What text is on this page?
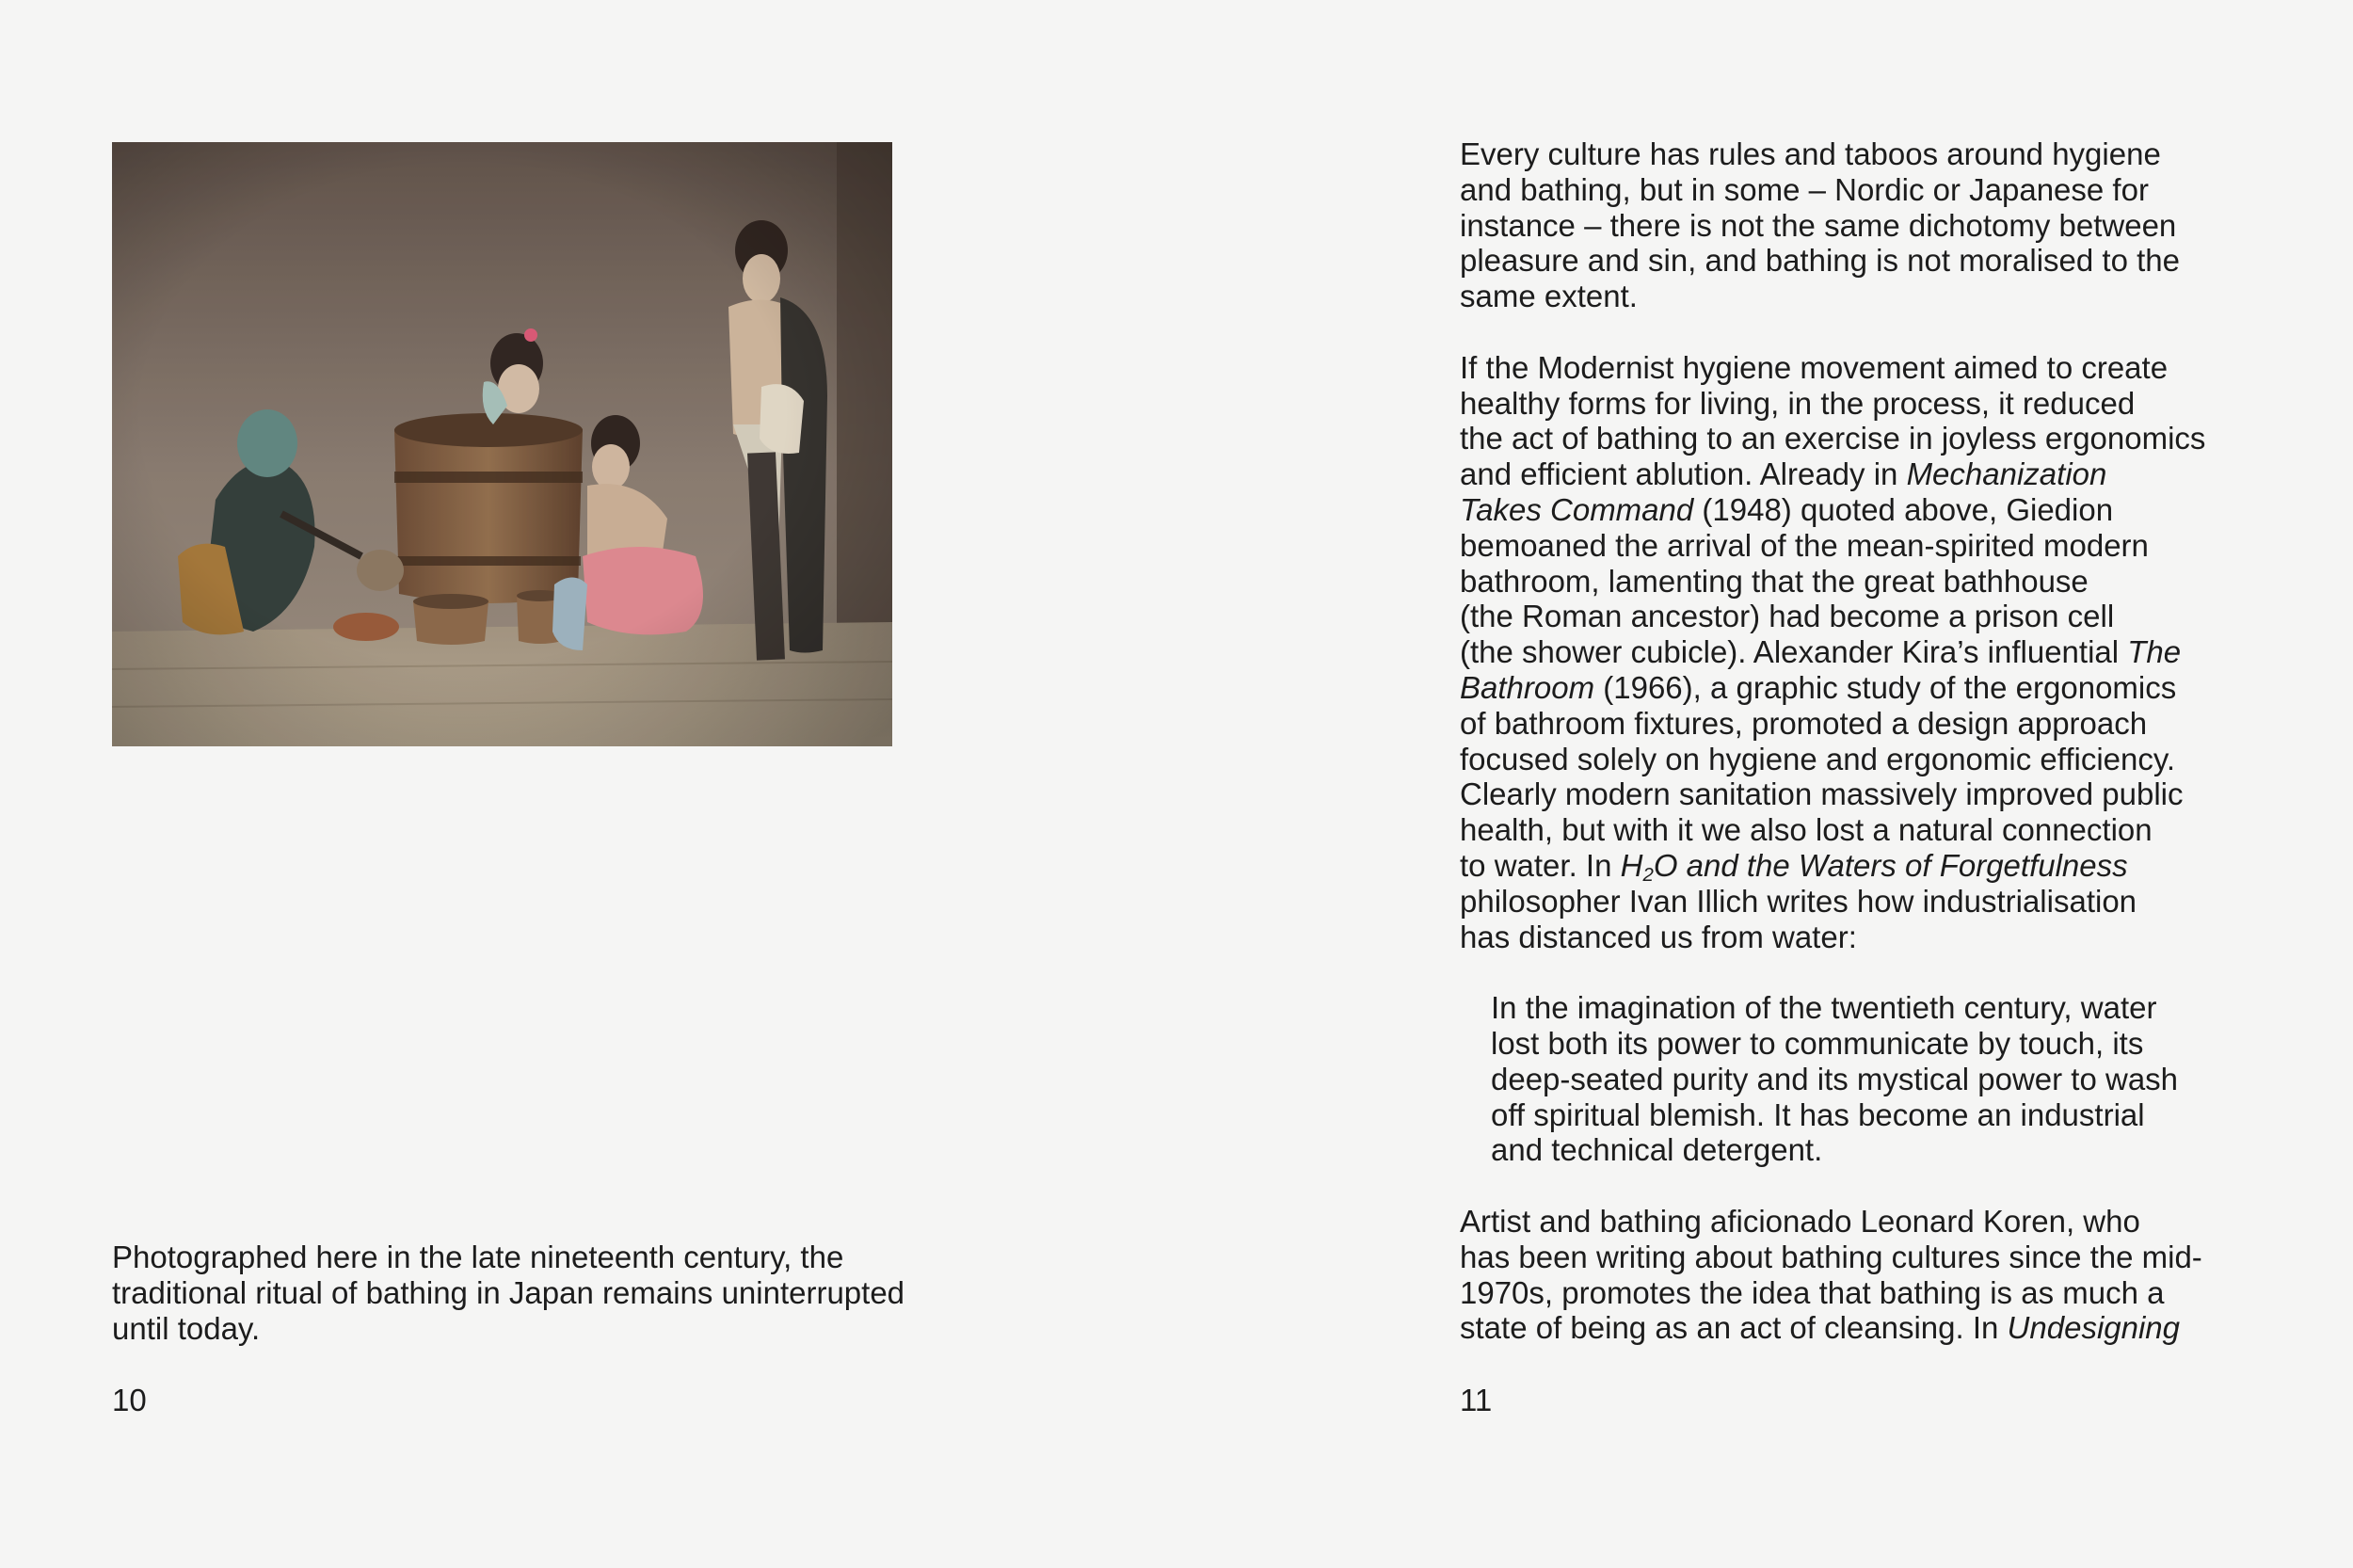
Photographed here in the late nineteenth century, the traditional ritual of bathing in Japan remains uninterrupted until today.

10

Every culture has rules and taboos around hygiene
and bathing, but in some – Nordic or Japanese for
instance – there is not the same dichotomy between
pleasure and sin, and bathing is not moralised to the
same extent.

If the Modernist hygiene movement aimed to create
healthy forms for living, in the process, it reduced
the act of bathing to an exercise in joyless ergonomics
and efficient ablution. Already in Mechanization
Takes Command (1948) quoted above, Giedion
bemoaned the arrival of the mean-spirited modern
bathroom, lamenting that the great bathhouse
(the Roman ancestor) had become a prison cell
(the shower cubicle). Alexander Kira’s influential The
Bathroom (1966), a graphic study of the ergonomics
of bathroom fixtures, promoted a design approach
focused solely on hygiene and ergonomic efficiency.
Clearly modern sanitation massively improved public
health, but with it we also lost a natural connection
to water. In $H_2O$ and the Waters of Forgetfulness
philosopher Ivan Illich writes how industrialisation
has distanced us from water:

In the imagination of the twentieth century, water
lost both its power to communicate by touch, its
deep-seated purity and its mystical power to wash
off spiritual blemish. It has become an industrial
and technical detergent.

Artist and bathing aficionado Leonard Koren, who
has been writing about bathing cultures since the mid-
1970s, promotes the idea that bathing is as much a
state of being as an act of cleansing. In Undesigning

11
